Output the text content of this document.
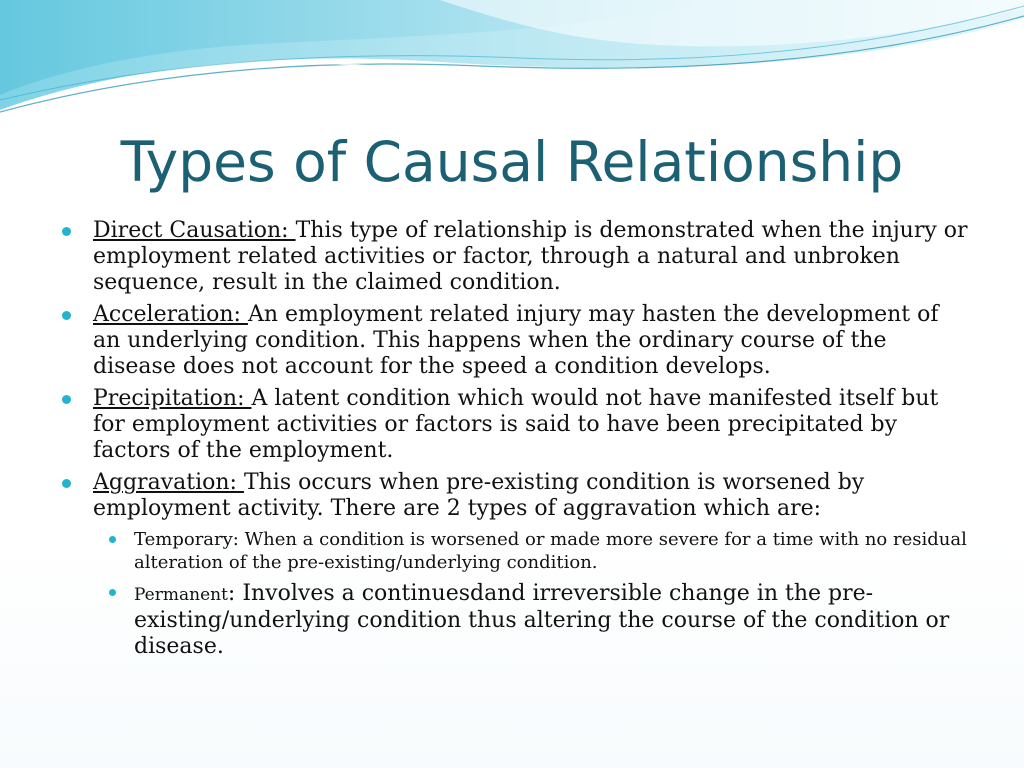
Types of Causal Relationship
Direct Causation: This type of relationship is demonstrated when the injury or employment related activities or factor, through a natural and unbroken sequence, result in the claimed condition.
Acceleration: An employment related injury may hasten the development of an underlying condition. This happens when the ordinary course of the disease does not account for the speed a condition develops.
Precipitation: A latent condition which would not have manifested itself but for employment activities or factors is said to have been precipitated by factors of the employment.
Aggravation: This occurs when pre-existing condition is worsened by employment activity. There are 2 types of aggravation which are:
Temporary: When a condition is worsened or made more severe for a time with no residual alteration of the pre-existing/underlying condition.
Permanent: Involves a continuesdand irreversible change in the pre-existing/underlying condition thus altering the course of the condition or disease.
